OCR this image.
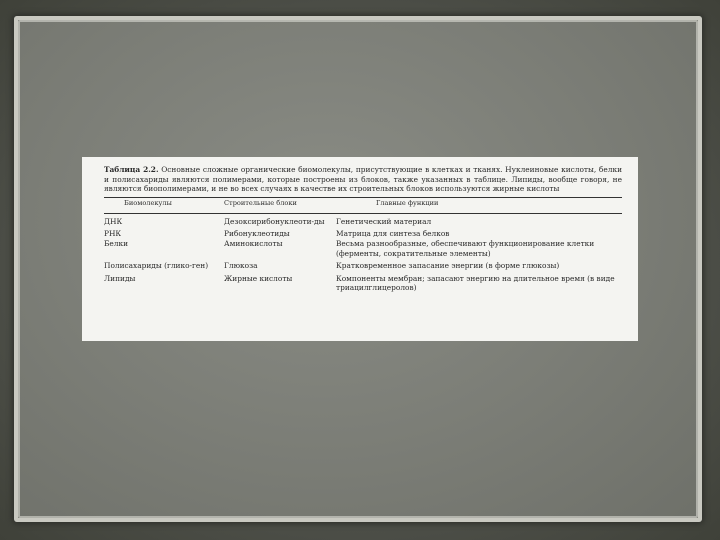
Таблица 2.2. Основные сложные органические биомолекулы, присутствующие в клетках и тканях. Нуклеиновые кислоты, белки и полисахариды являются полимерами, которые построены из блоков, также указанных в таблице. Липиды, вообще говоря, не являются биополимерами, и не во всех случаях в качестве их строительных блоков используются жирные кислоты

Биомолекулы	Строительные блоки	Главные функции
ДНК	Дезоксирибонуклеоти-ды	Генетический материал
РНК	Рибонуклеотиды	Матрица для синтеза белков
Белки	Аминокислоты	Весьма разнообразные, обеспечивают функционирование клетки (ферменты, сократительные элементы)
Полисахариды (глико-ген)	Глюкоза	Кратковременное запасание энергии (в форме глюкозы)
Липиды	Жирные кислоты	Компоненты мембран; запасают энергию на длительное время (в виде триацилглицеролов)
